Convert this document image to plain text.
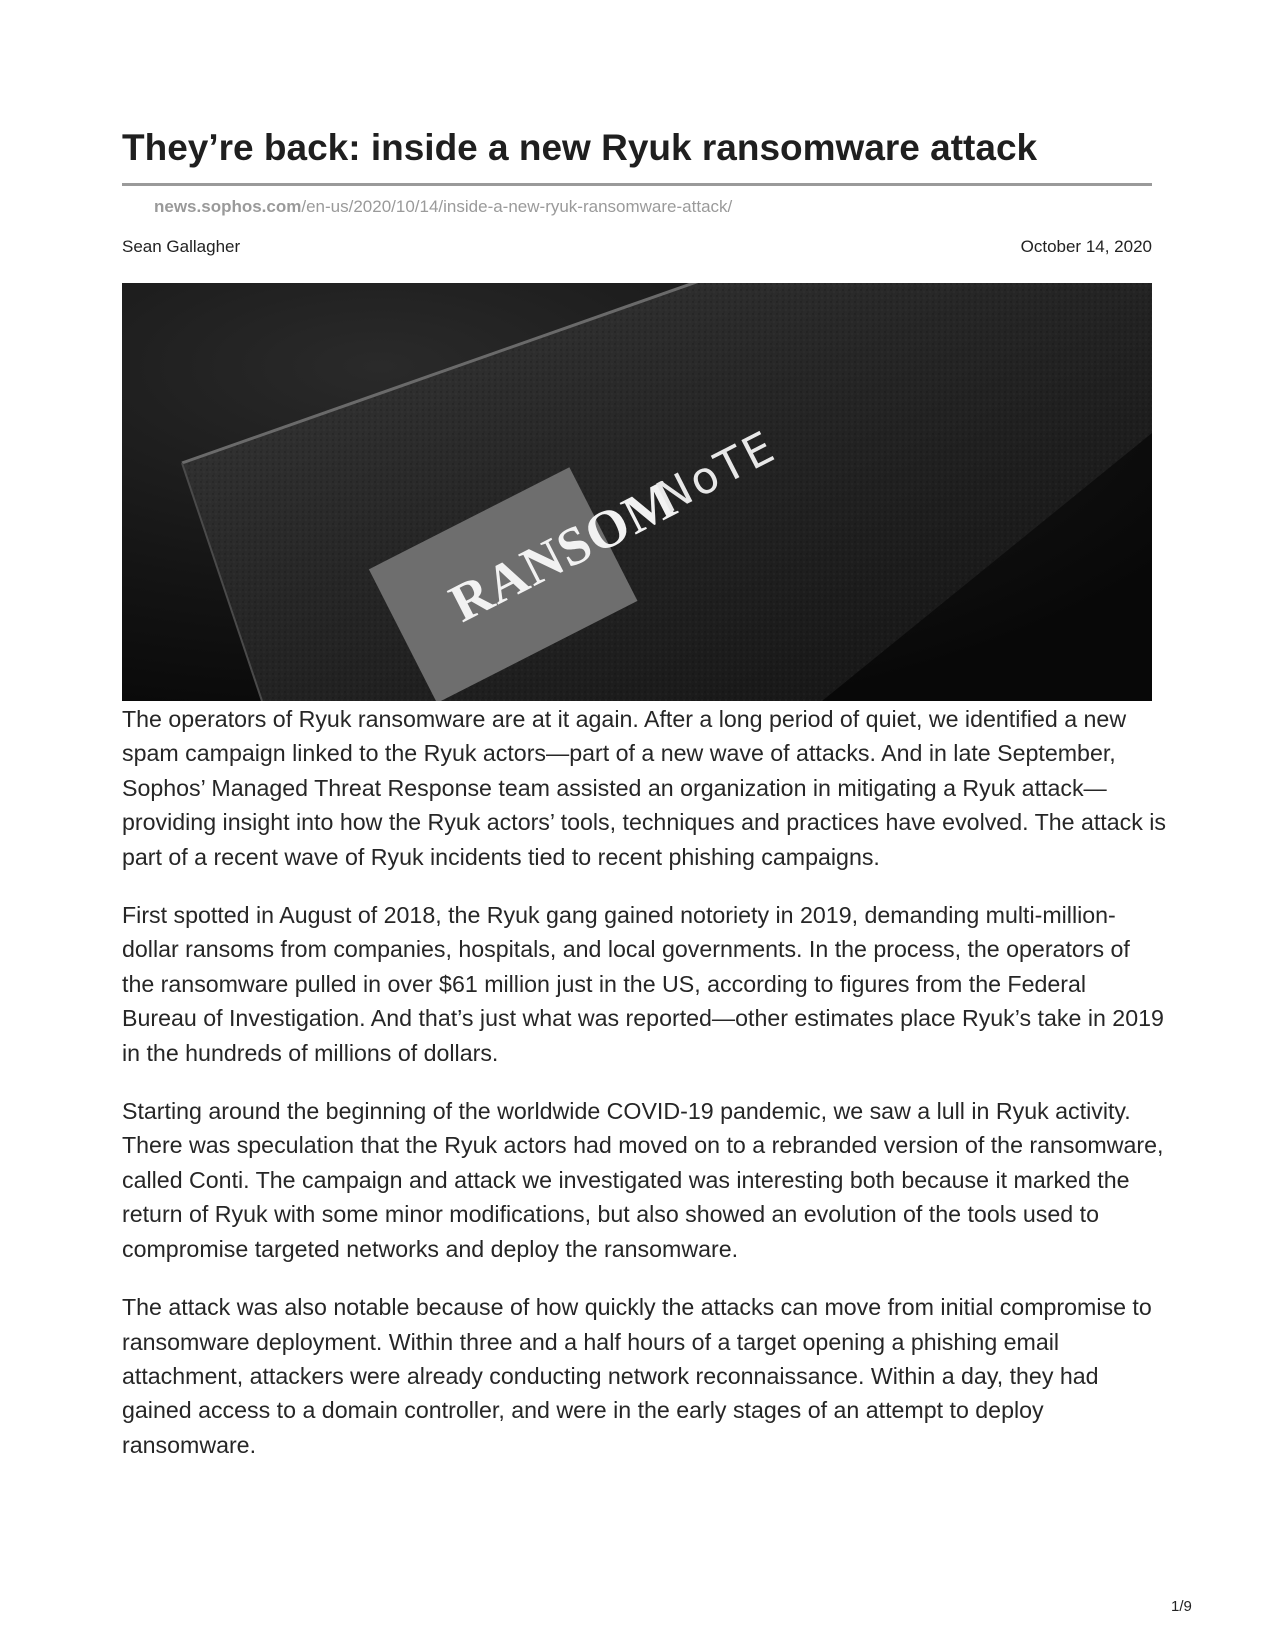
They’re back: inside a new Ryuk ransomware attack
news.sophos.com/en-us/2020/10/14/inside-a-new-ryuk-ransomware-attack/
Sean Gallagher	October 14, 2020
RANSOM
NoTE

The operators of Ryuk ransomware are at it again. After a long period of quiet, we identified a new spam campaign linked to the Ryuk actors—part of a new wave of attacks. And in late September, Sophos’ Managed Threat Response team assisted an organization in mitigating a Ryuk attack—providing insight into how the Ryuk actors’ tools, techniques and practices have evolved. The attack is part of a recent wave of Ryuk incidents tied to recent phishing campaigns.

First spotted in August of 2018, the Ryuk gang gained notoriety in 2019, demanding multi-million-dollar ransoms from companies, hospitals, and local governments. In the process, the operators of the ransomware pulled in over $61 million just in the US, according to figures from the Federal Bureau of Investigation. And that’s just what was reported—other estimates place Ryuk’s take in 2019 in the hundreds of millions of dollars.

Starting around the beginning of the worldwide COVID-19 pandemic, we saw a lull in Ryuk activity. There was speculation that the Ryuk actors had moved on to a rebranded version of the ransomware, called Conti. The campaign and attack we investigated was interesting both because it marked the return of Ryuk with some minor modifications, but also showed an evolution of the tools used to compromise targeted networks and deploy the ransomware.

The attack was also notable because of how quickly the attacks can move from initial compromise to ransomware deployment. Within three and a half hours of a target opening a phishing email attachment, attackers were already conducting network reconnaissance. Within a day, they had gained access to a domain controller, and were in the early stages of an attempt to deploy ransomware.

1/9
